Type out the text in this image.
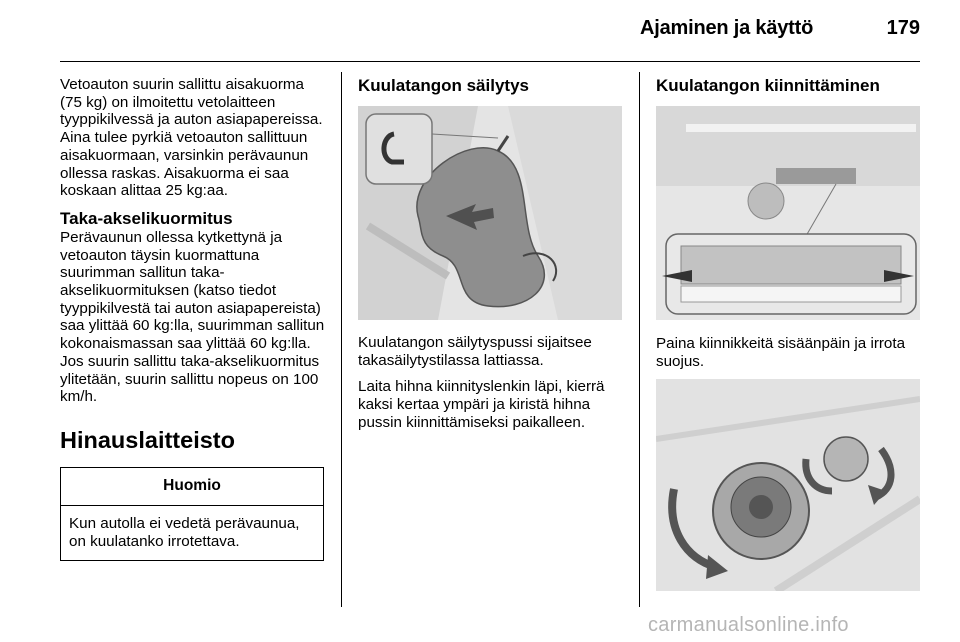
Ajaminen ja käyttö	179

Vetoauton suurin sallittu aisakuorma (75 kg) on ilmoitettu vetolaitteen tyyppikilvessä ja auton asiapapereissa. Aina tulee pyrkiä vetoauton sallittuun aisakuormaan, varsinkin perävaunun ollessa raskas. Aisakuorma ei saa koskaan alittaa 25 kg:aa.

Taka-akselikuormitus

Perävaunun ollessa kytkettynä ja vetoauton täysin kuormattuna suurimman sallitun taka-akselikuormituksen (katso tiedot tyyppikilvestä tai auton asiapapereista) saa ylittää 60 kg:lla, suurimman sallitun kokonaismassan saa ylittää 60 kg:lla. Jos suurin sallittu taka-akselikuormitus ylitetään, suurin sallittu nopeus on 100 km/h.

Hinauslaitteisto
Huomio
Kun autolla ei vedetä perävaunua, on kuulatanko irrotettava.
Kuulatangon säilytys

Kuulatangon säilytyspussi sijaitsee takasäilytystilassa lattiassa.

Laita hihna kiinnityslenkin läpi, kierrä kaksi kertaa ympäri ja kiristä hihna pussin kiinnittämiseksi paikalleen.

Kuulatangon kiinnittäminen

Paina kiinnikkeitä sisäänpäin ja irrota suojus.

carmanualsonline.info
